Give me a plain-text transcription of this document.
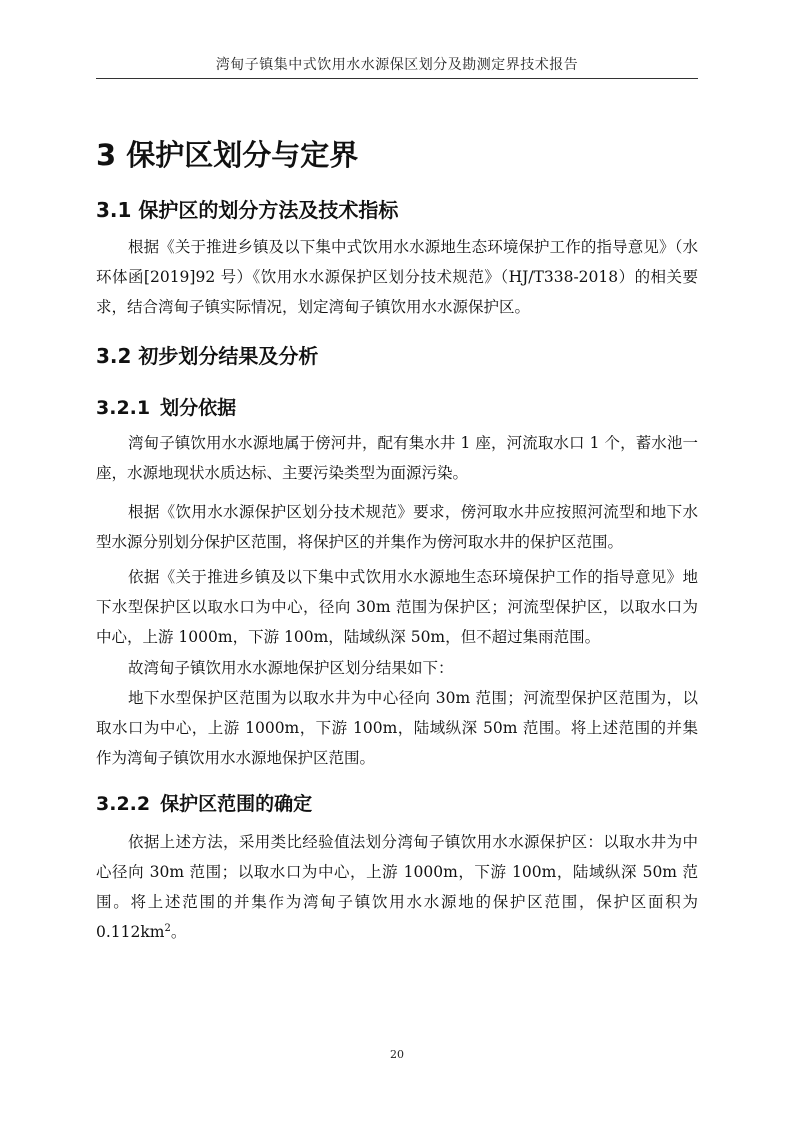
湾甸子镇集中式饮用水水源保区划分及勘测定界技术报告
3 保护区划分与定界
3.1 保护区的划分方法及技术指标

根据《关于推进乡镇及以下集中式饮用水水源地生态环境保护工作的指导意见》（水环体函[2019]92 号）《饮用水水源保护区划分技术规范》（HJ/T338-2018）的相关要求，结合湾甸子镇实际情况，划定湾甸子镇饮用水水源保护区。

3.2 初步划分结果及分析
3.2.1 划分依据

湾甸子镇饮用水水源地属于傍河井，配有集水井 1 座，河流取水口 1 个，蓄水池一座，水源地现状水质达标、主要污染类型为面源污染。

根据《饮用水水源保护区划分技术规范》要求，傍河取水井应按照河流型和地下水型水源分别划分保护区范围，将保护区的并集作为傍河取水井的保护区范围。

依据《关于推进乡镇及以下集中式饮用水水源地生态环境保护工作的指导意见》地下水型保护区以取水口为中心，径向 30m 范围为保护区；河流型保护区，以取水口为中心，上游 1000m，下游 100m，陆域纵深 50m，但不超过集雨范围。

故湾甸子镇饮用水水源地保护区划分结果如下：

地下水型保护区范围为以取水井为中心径向 30m 范围；河流型保护区范围为，以取水口为中心，上游 1000m，下游 100m，陆域纵深 50m 范围。将上述范围的并集作为湾甸子镇饮用水水源地保护区范围。

3.2.2 保护区范围的确定

依据上述方法，采用类比经验值法划分湾甸子镇饮用水水源保护区：以取水井为中心径向 30m 范围；以取水口为中心，上游 1000m，下游 100m，陆域纵深 50m 范围。将上述范围的并集作为湾甸子镇饮用水水源地的保护区范围，保护区面积为 $0.112km^2$。

20
